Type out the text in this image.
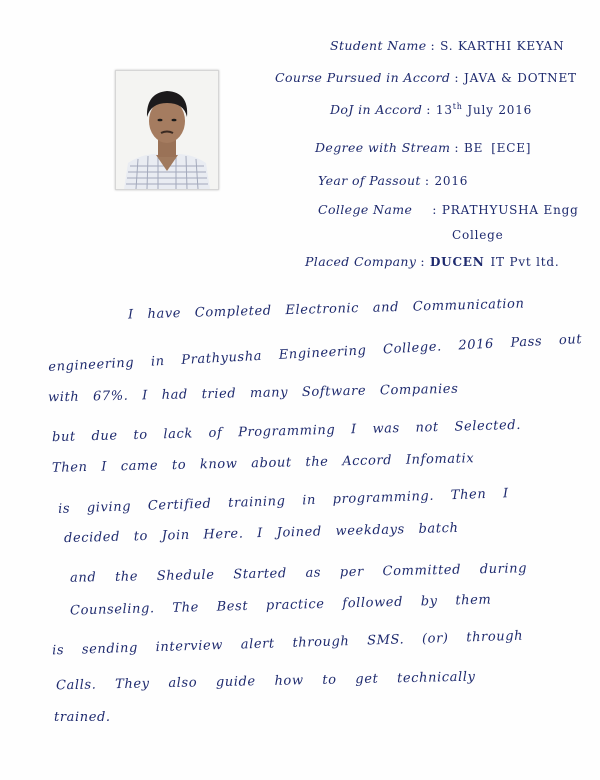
Student Name : S. KARTHI KEYAN
Course Pursued in Accord : JAVA & DOTNET
DoJ in Accord : 13th July 2016
Degree with Stream : BE [ ECE ]
Year of Passout : 2016
College Name : PRATHYUSHA Engg
College
Placed Company : DUCEN IT Pvt ltd.
I have Completed Electronic and Communication
engineering in Prathyusha Engineering College. 2016 Pass out
with 67%. I had tried many Software Companies
but due to lack of Programming I was not Selected.
Then I came to know about the Accord Infomatix
is giving Certified training in programming. Then I
decided to Join Here. I Joined weekdays batch
and the Shedule Started as per Committed during
Counseling. The Best practice followed by them
is sending interview alert through SMS. (or) through
Calls. They also guide how to get technically
trained.
